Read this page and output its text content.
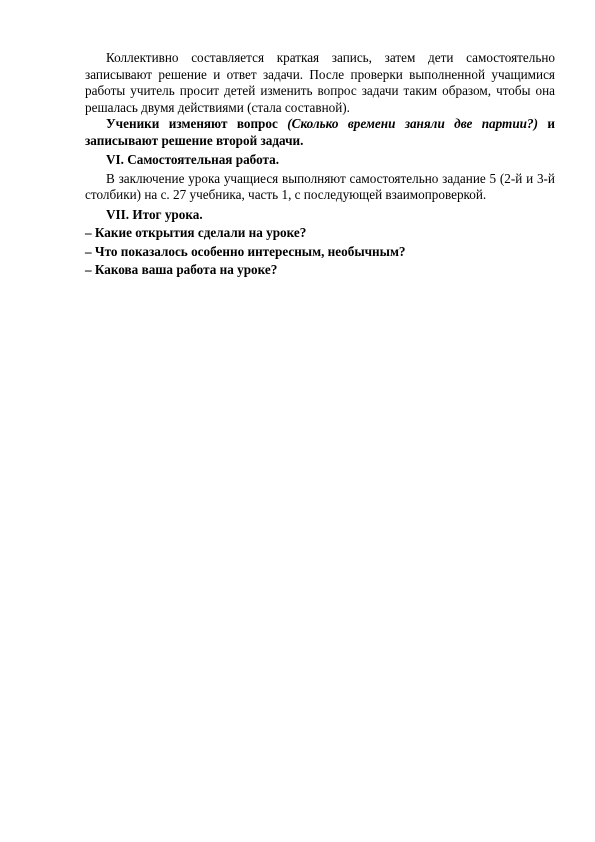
Коллективно составляется краткая запись, затем дети самостоятельно записывают решение и ответ задачи. После проверки выполненной учащимися работы учитель просит детей изменить вопрос задачи таким образом, чтобы она решалась двумя действиями (стала составной).

Ученики изменяют вопрос (Сколько времени заняли две партии?) и записывают решение второй задачи.

VI. Самостоятельная работа.

В заключение урока учащиеся выполняют самостоятельно задание 5 (2-й и 3-й столбики) на с. 27 учебника, часть 1, с последующей взаимопроверкой.

VII. Итог урока.

– Какие открытия сделали на уроке?

– Что показалось особенно интересным, необычным?

– Какова ваша работа на уроке?
